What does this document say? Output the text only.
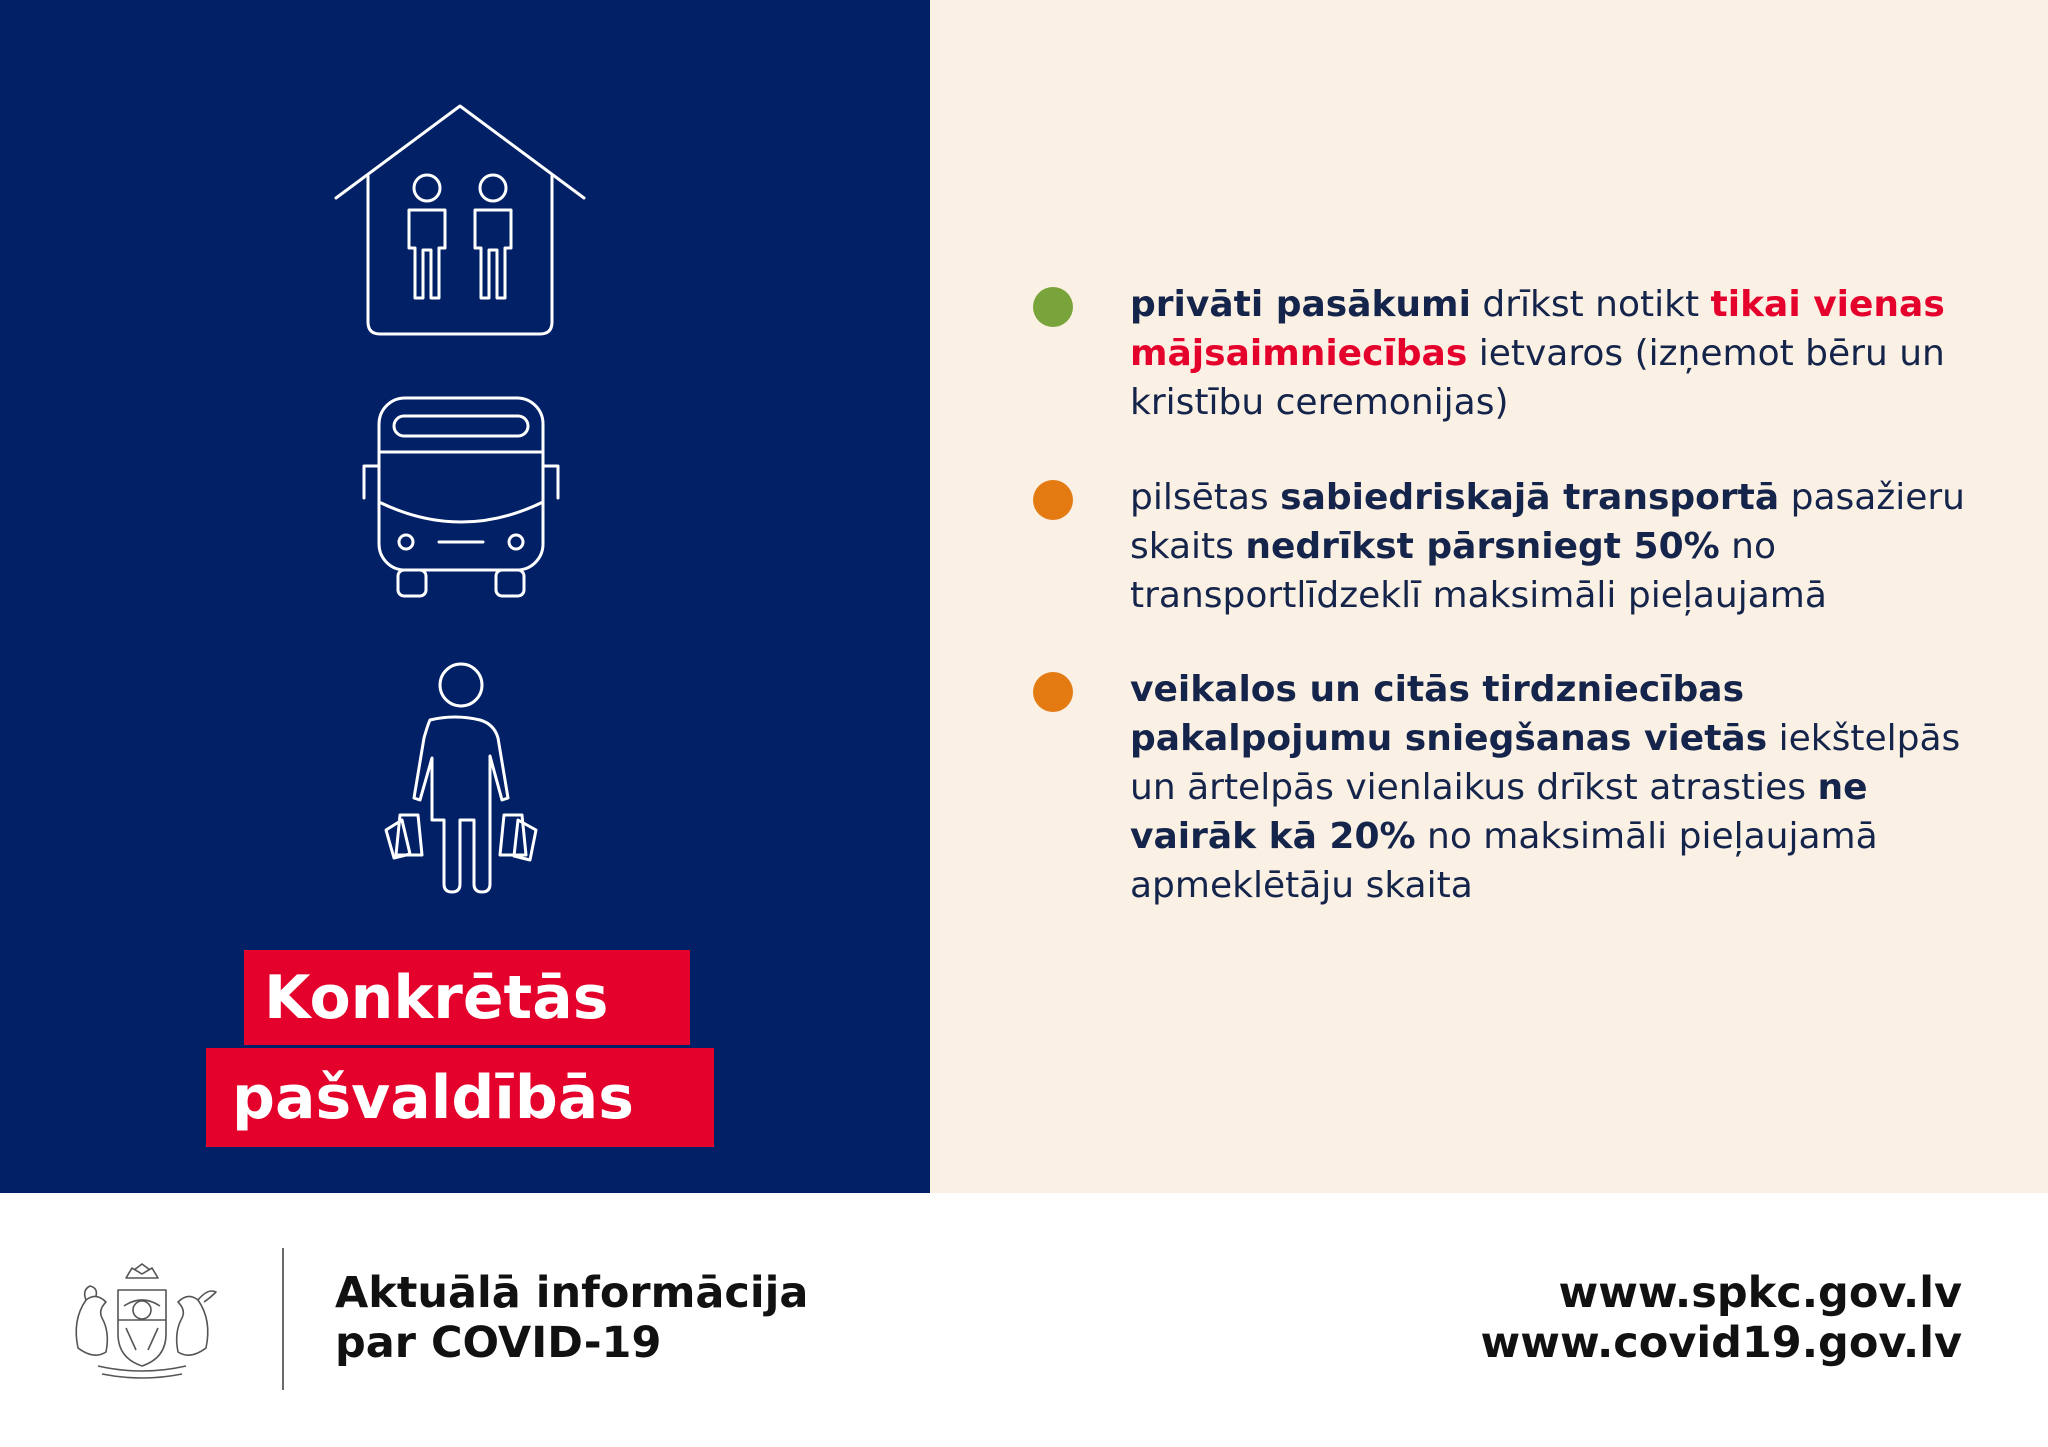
Konkrētās
pašvaldībās
privāti pasākumi drīkst notikt tikai vienas mājsaimniecības ietvaros (izņemot bēru un kristību ceremonijas)
pilsētas sabiedriskajā transportā pasažieru skaits nedrīkst pārsniegt 50% no transportlīdzeklī maksimāli pieļaujamā
veikalos un citās tirdzniecības pakalpojumu sniegšanas vietās iekštelpās un ārtelpās vienlaikus drīkst atrasties ne vairāk kā 20% no maksimāli pieļaujamā apmeklētāju skaita
Aktuālā informācija
par COVID-19
www.spkc.gov.lv
www.covid19.gov.lv
